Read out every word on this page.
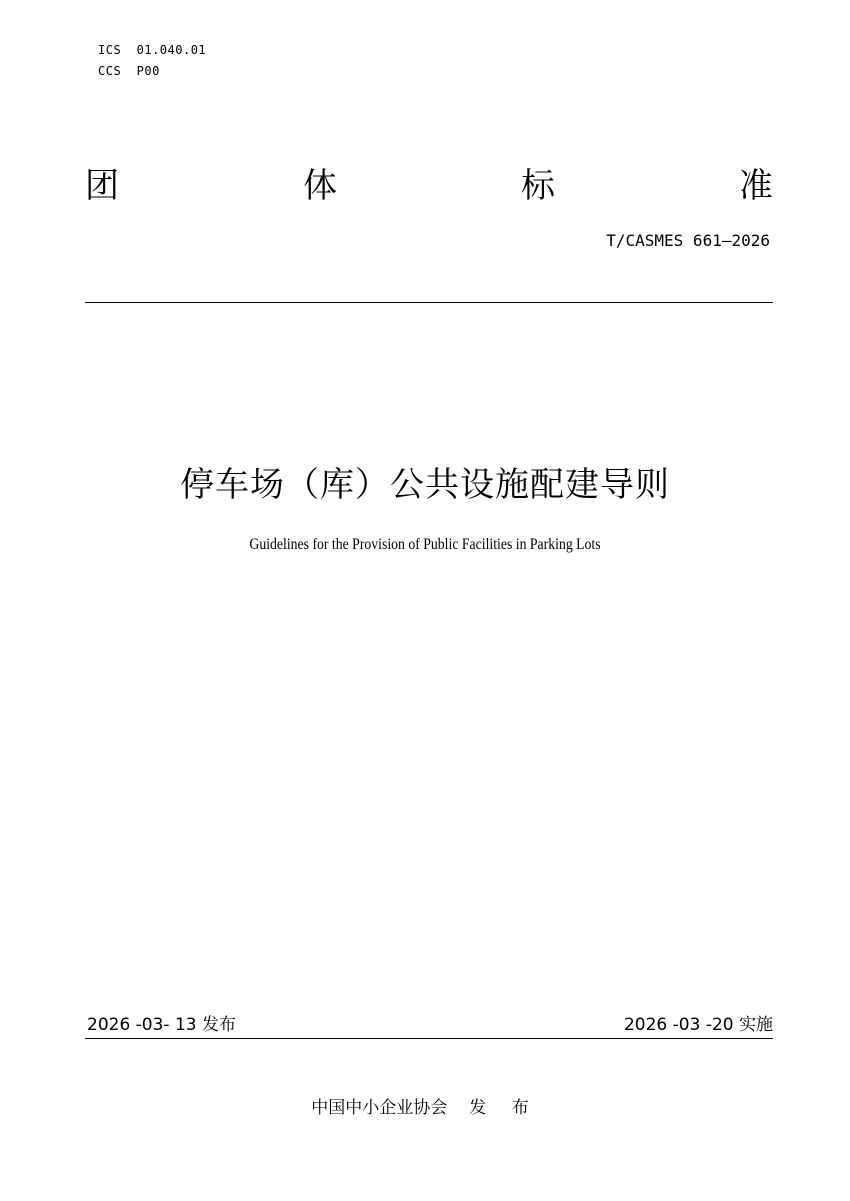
ICS  01.040.01
CCS  P00
团	体	标	准
T/CASMES 661—2026
停车场（库）公共设施配建导则
Guidelines for the Provision of Public Facilities in Parking Lots
2026 -03- 13 发布	2026 -03 -20 实施
中国中小企业协会 发 布
